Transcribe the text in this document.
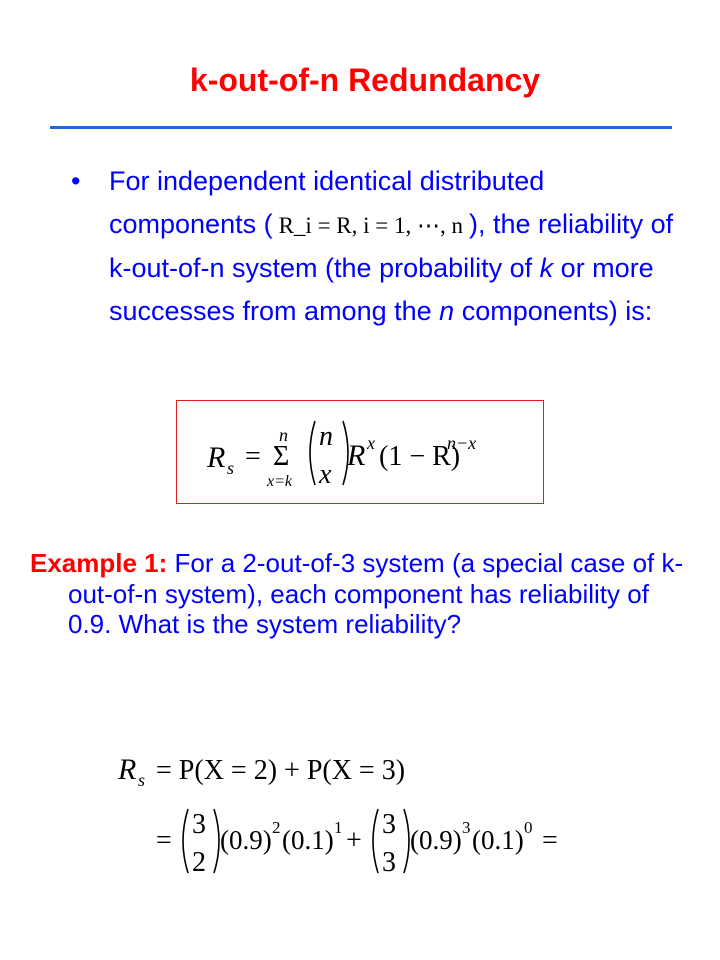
k-out-of-n Redundancy
• For independent identical distributed components ( R_i = R, i = 1, ⋯, n ), the reliability of k-out-of-n system (the probability of k or more successes from among the n components) is:
R s =
n
Σ
x=k
n
x
R x (1 − R)
n−x
Example 1: For a 2-out-of-3 system (a special case of k-out-of-n system), each component has reliability of 0.9. What is the system reliability?
R s = P(X = 2) + P(X = 3)
=
3
2
(0.9) 2 (0.1) 1 +
3
3
(0.9) 3 (0.1) 0 =
